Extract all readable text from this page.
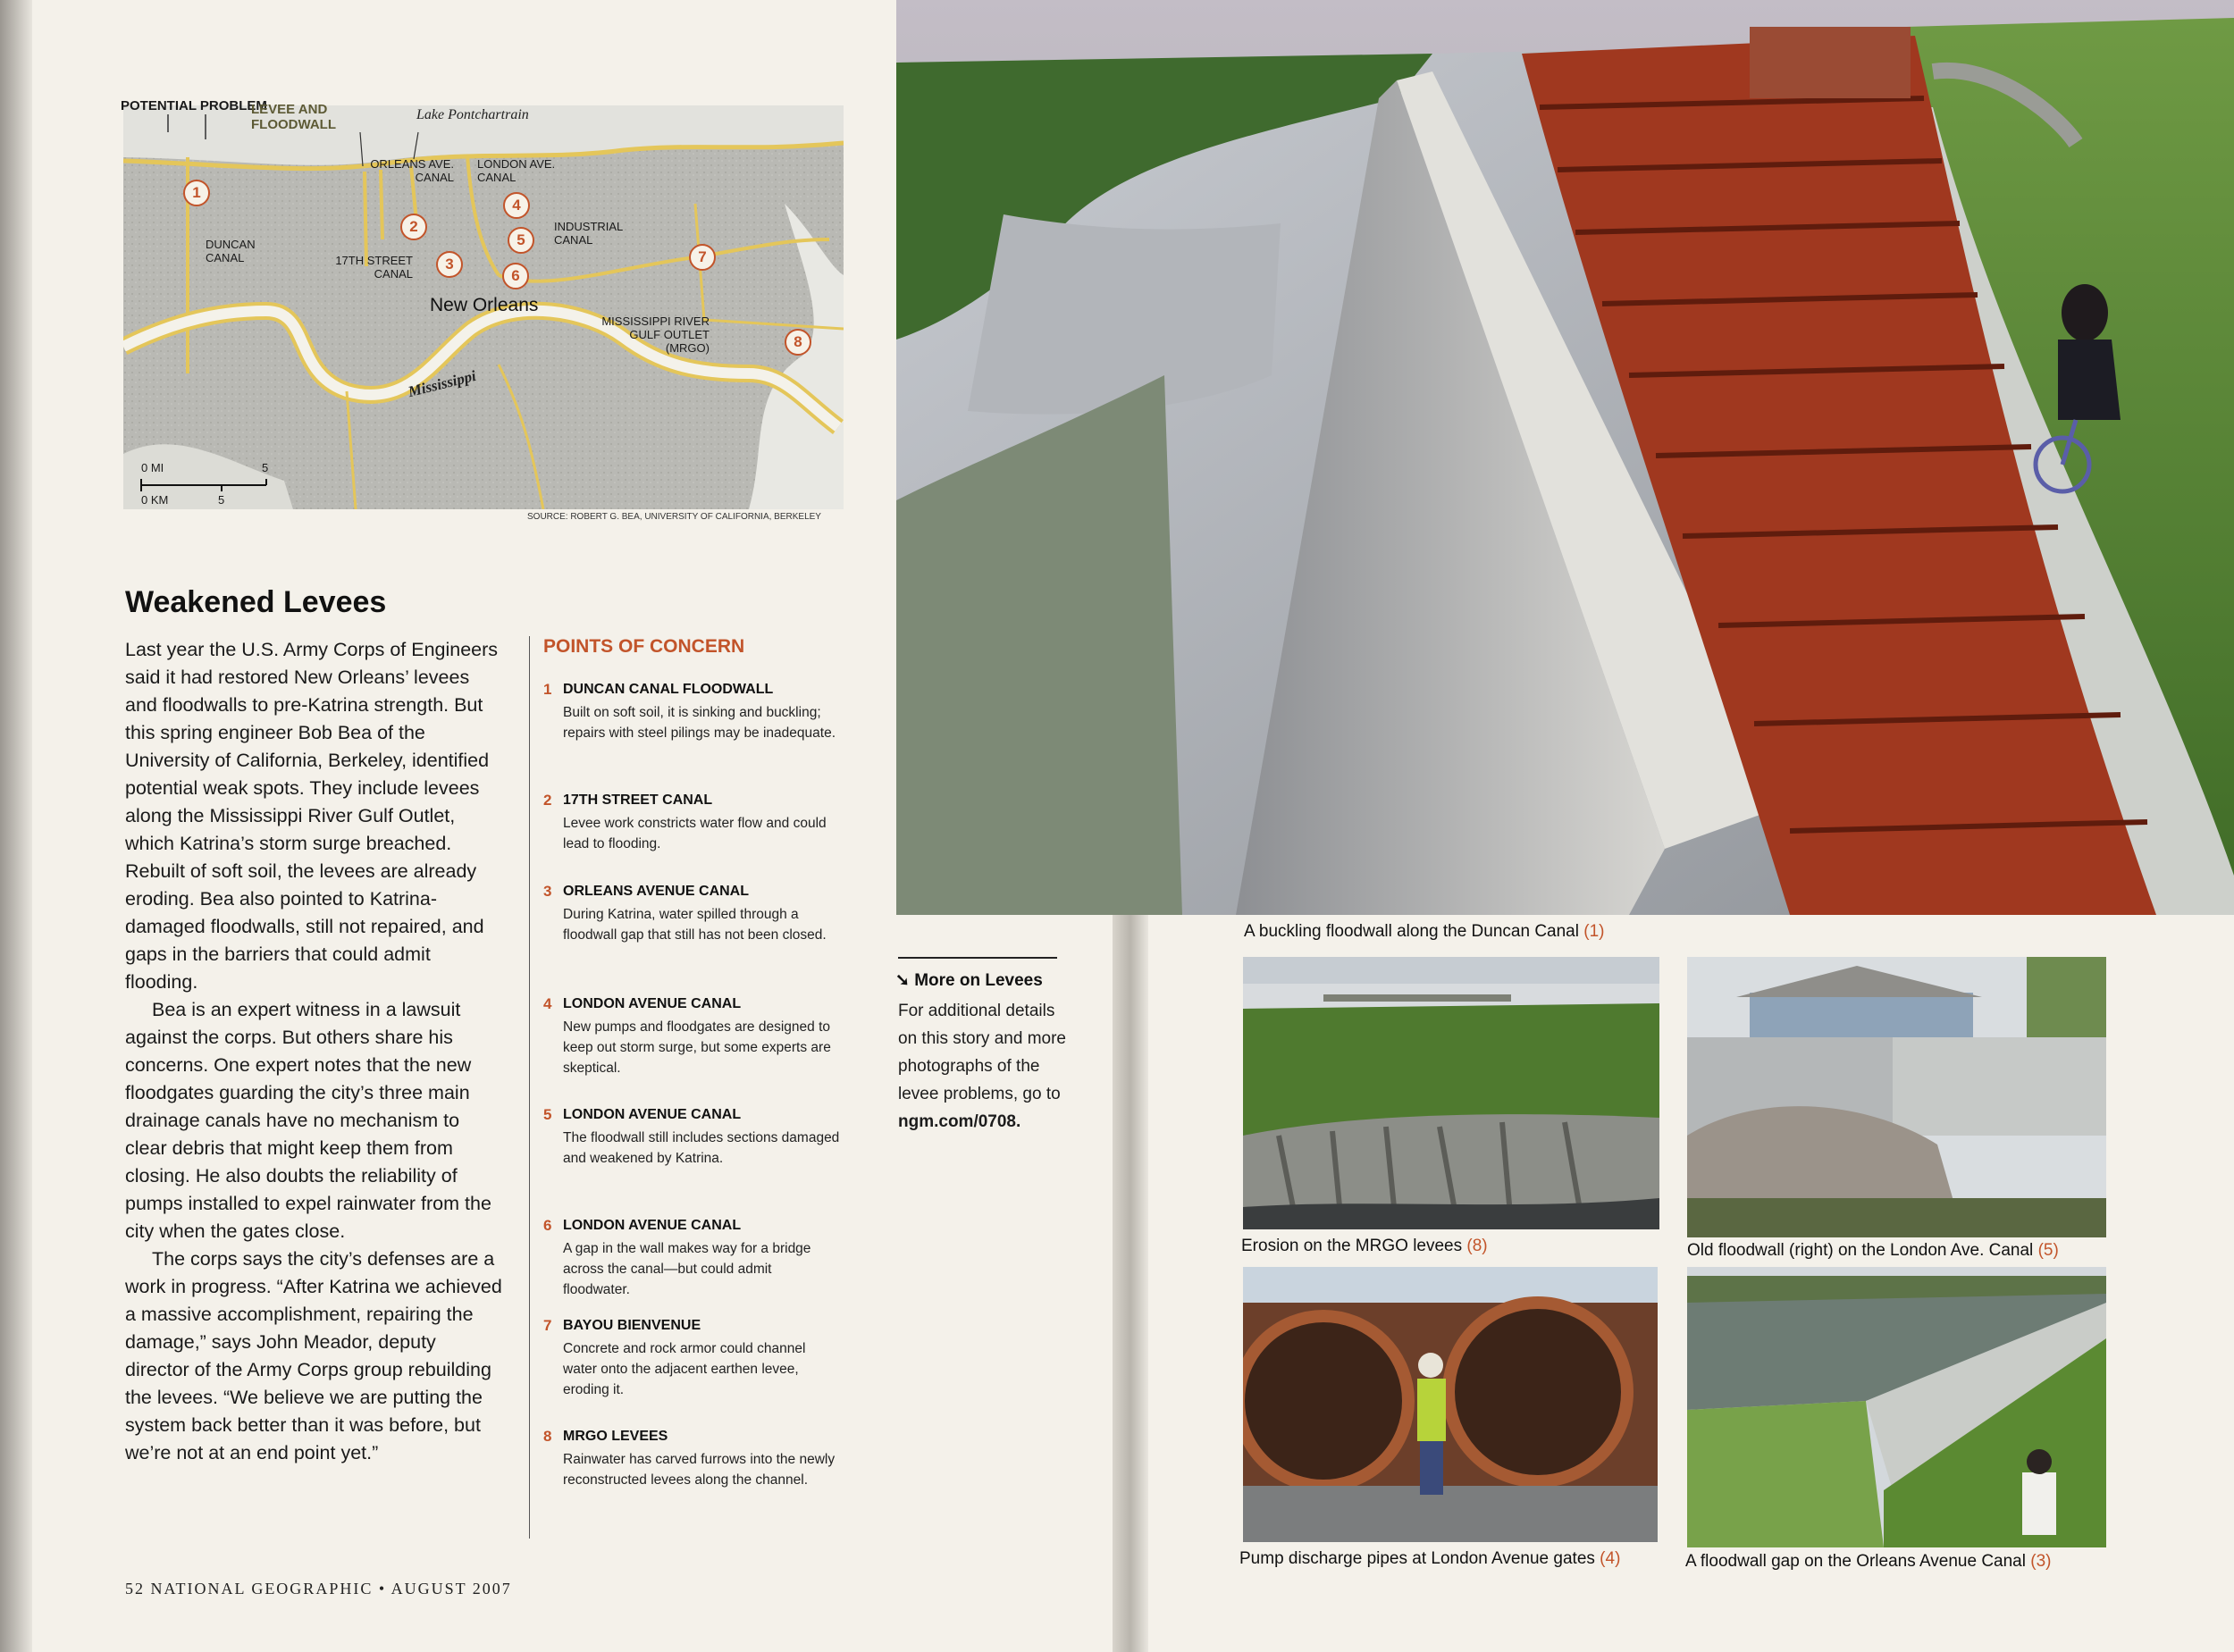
POTENTIAL PROBLEM
LEVEE AND FLOODWALL
Lake Pontchartrain
DUNCAN CANAL	17TH STREET CANAL
ORLEANS AVE. CANAL
LONDON AVE. CANAL
INDUSTRIAL CANAL
MISSISSIPPI RIVER GULF OUTLET (MRGO)
New Orleans
Mississippi
1
2
3
4
5
6
7
8
0 MI	5
0 KM	5
SOURCE: ROBERT G. BEA, UNIVERSITY OF CALIFORNIA, BERKELEY
Weakened Levees

Last year the U.S. Army Corps of Engineers said it had restored New Orleans’ levees and floodwalls to pre-Katrina strength. But this spring engineer Bob Bea of the University of California, Berkeley, identified potential weak spots. They include levees along the Mississippi River Gulf Outlet, which Katrina’s storm surge breached. Rebuilt of soft soil, the levees are already eroding. Bea also pointed to Katrina-damaged floodwalls, still not repaired, and gaps in the barriers that could admit flooding.

Bea is an expert witness in a lawsuit against the corps. But others share his concerns. One expert notes that the new floodgates guarding the city’s three main drainage canals have no mechanism to clear debris that might keep them from closing. He also doubts the reliability of pumps installed to expel rainwater from the city when the gates close.

The corps says the city’s defenses are a work in progress. “After Katrina we achieved a massive accomplishment, repairing the damage,” says John Meador, deputy director of the Army Corps group rebuilding the levees. “We believe we are putting the system back better than it was before, but we’re not at an end point yet.”

POINTS OF CONCERN
1 DUNCAN CANAL FLOODWALL
Built on soft soil, it is sinking and buckling; repairs with steel pilings may be inadequate.
2 17TH STREET CANAL
Levee work constricts water flow and could lead to flooding.
3 ORLEANS AVENUE CANAL
During Katrina, water spilled through a floodwall gap that still has not been closed.
4 LONDON AVENUE CANAL
New pumps and floodgates are designed to keep out storm surge, but some experts are skeptical.
5 LONDON AVENUE CANAL
The floodwall still includes sections damaged and weakened by Katrina.
6 LONDON AVENUE CANAL
A gap in the wall makes way for a bridge across the canal—but could admit floodwater.
7 BAYOU BIENVENUE
Concrete and rock armor could channel water onto the adjacent earthen levee, eroding it.
8 MRGO LEVEES
Rainwater has carved furrows into the newly reconstructed levees along the channel.
➘ More on Levees
For additional details on this story and more photographs of the levee problems, go to ngm.com/0708.
52 NATIONAL GEOGRAPHIC • AUGUST 2007
A buckling floodwall along the Duncan Canal (1)
Erosion on the MRGO levees (8)	Old floodwall (right) on the London Ave. Canal (5)
Pump discharge pipes at London Avenue gates (4)	A floodwall gap on the Orleans Avenue Canal (3)
